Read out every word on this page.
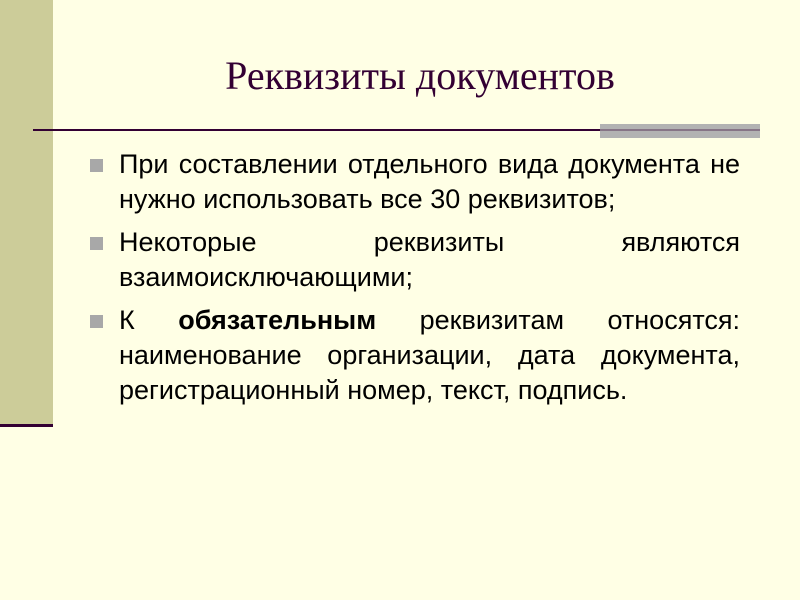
Реквизиты документов
При составлении отдельного вида документа не нужно использовать все 30 реквизитов;
Некоторые реквизиты являются взаимоисключающими;
К обязательным реквизитам относятся: наименование организации, дата документа, регистрационный номер, текст, подпись.
